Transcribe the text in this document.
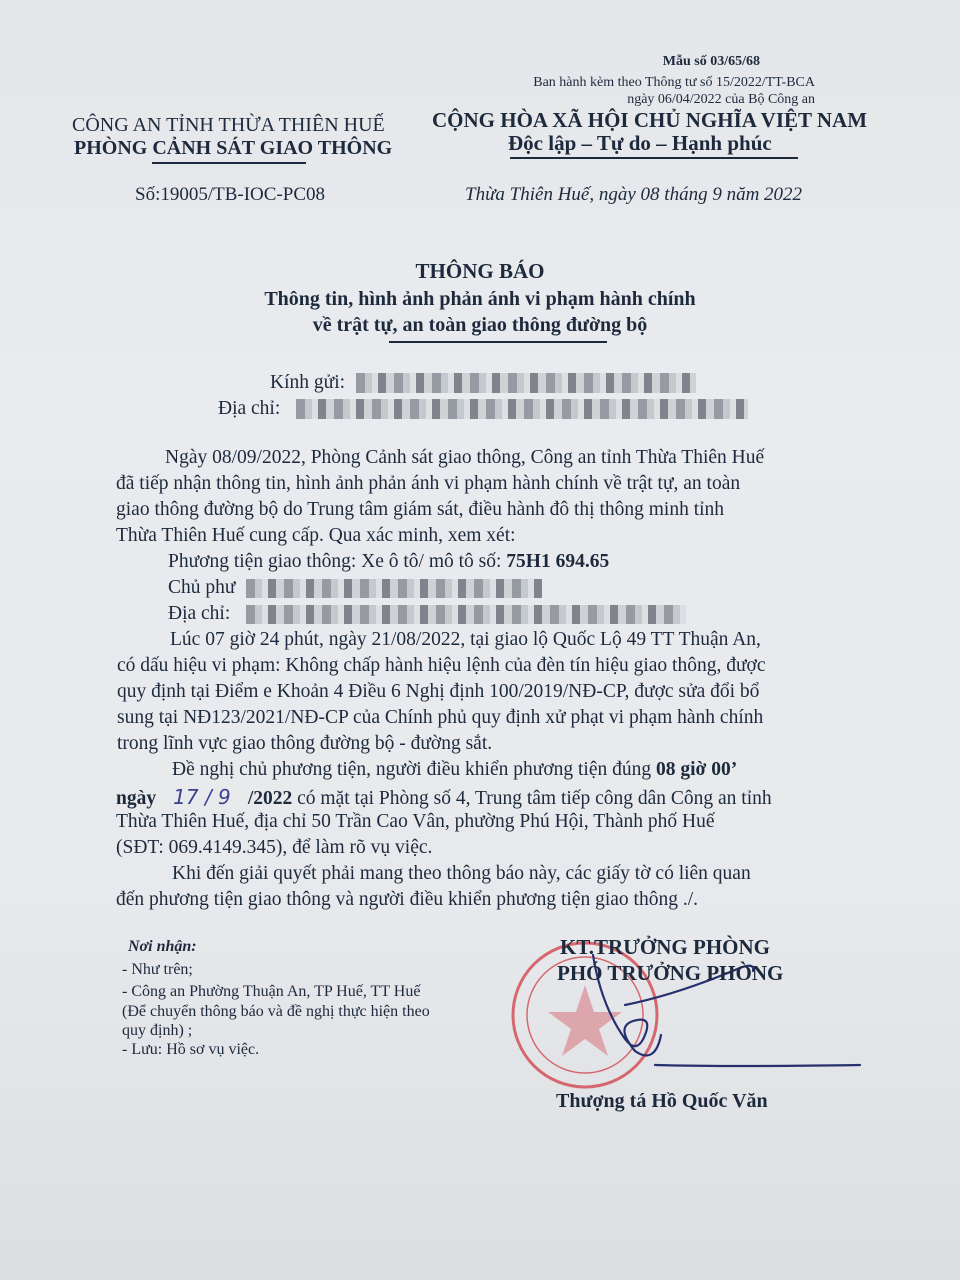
Mẫu số 03/65/68
Ban hành kèm theo Thông tư số 15/2022/TT-BCA
ngày 06/04/2022 của Bộ Công an
CÔNG AN TỈNH THỪA THIÊN HUẾ
PHÒNG CẢNH SÁT GIAO THÔNG
CỘNG HÒA XÃ HỘI CHỦ NGHĨA VIỆT NAM
Độc lập – Tự do – Hạnh phúc
Số:19005/TB-IOC-PC08	Thừa Thiên Huế, ngày 08 tháng 9 năm 2022
THÔNG BÁO
Thông tin, hình ảnh phản ánh vi phạm hành chính
về trật tự, an toàn giao thông đường bộ
Kính gửi:
Địa chỉ:
Ngày 08/09/2022, Phòng Cảnh sát giao thông, Công an tỉnh Thừa Thiên Huế
đã tiếp nhận thông tin, hình ảnh phản ánh vi phạm hành chính về trật tự, an toàn
giao thông đường bộ do Trung tâm giám sát, điều hành đô thị thông minh tỉnh
Thừa Thiên Huế cung cấp. Qua xác minh, xem xét:
Phương tiện giao thông: Xe ô tô/ mô tô số: 75H1 694.65
Chủ phư
Địa chỉ:
Lúc 07 giờ 24 phút, ngày 21/08/2022, tại giao lộ Quốc Lộ 49 TT Thuận An,
có dấu hiệu vi phạm: Không chấp hành hiệu lệnh của đèn tín hiệu giao thông, được
quy định tại Điểm e Khoản 4 Điều 6 Nghị định 100/2019/NĐ-CP, được sửa đổi bổ
sung tại NĐ123/2021/NĐ-CP của Chính phủ quy định xử phạt vi phạm hành chính
trong lĩnh vực giao thông đường bộ - đường sắt.
Đề nghị chủ phương tiện, người điều khiển phương tiện đúng 08 giờ 00’
ngày 17 / 9 /2022 có mặt tại Phòng số 4, Trung tâm tiếp công dân Công an tỉnh
Thừa Thiên Huế, địa chỉ 50 Trần Cao Vân, phường Phú Hội, Thành phố Huế
(SĐT: 069.4149.345), để làm rõ vụ việc.
Khi đến giải quyết phải mang theo thông báo này, các giấy tờ có liên quan
đến phương tiện giao thông và người điều khiển phương tiện giao thông ./.
Nơi nhận:
- Như trên;
- Công an Phường Thuận An, TP Huế, TT Huế
(Để chuyển thông báo và đề nghị thực hiện theo
quy định) ;
- Lưu: Hồ sơ vụ việc.
KT.TRƯỞNG PHÒNG
PHÓ TRƯỞNG PHÒNG
Thượng tá Hồ Quốc Văn
